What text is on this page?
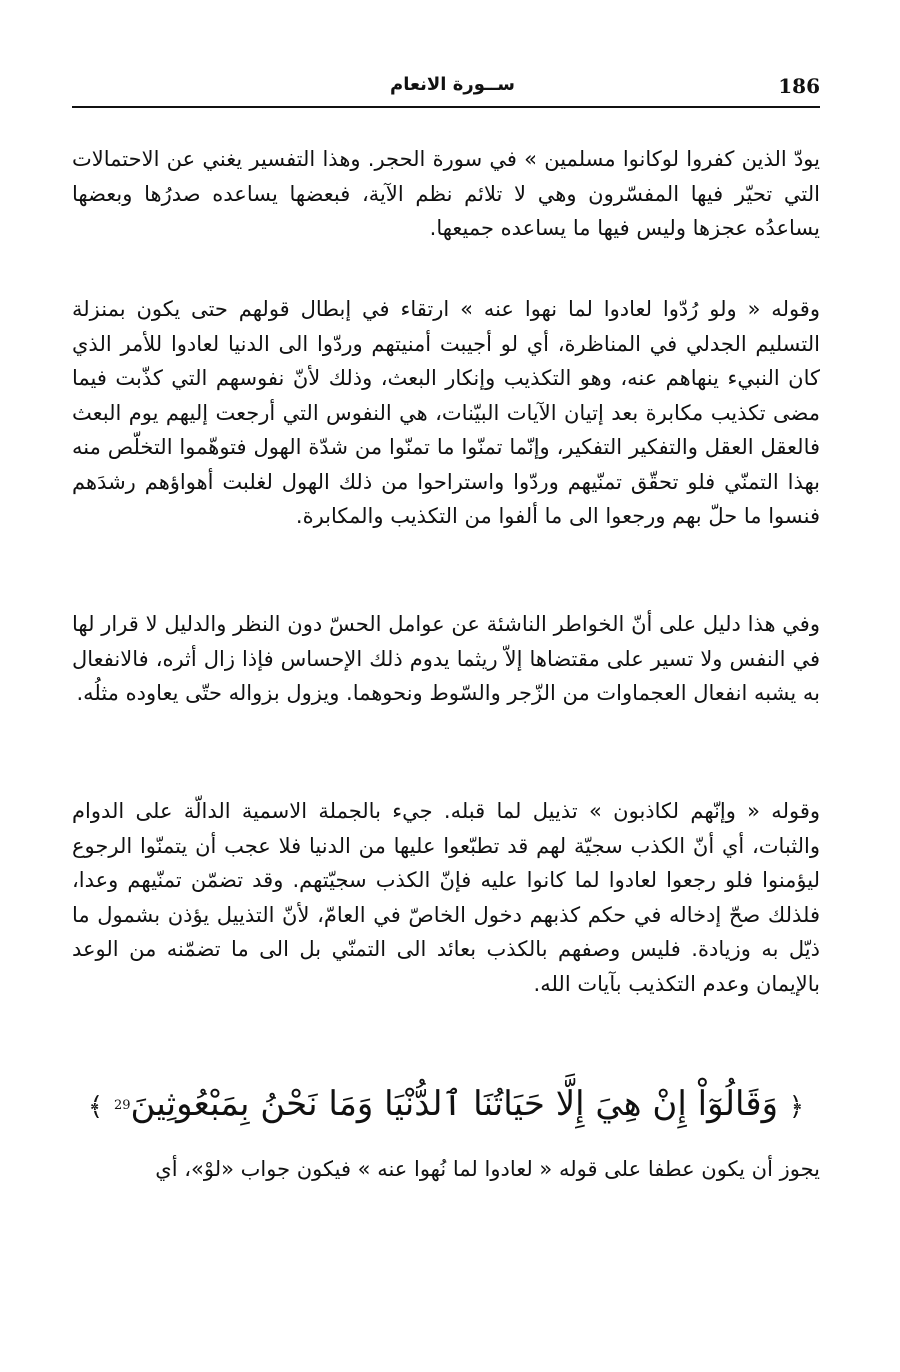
186
ســورة الانعام

يودّ الذين كفروا لوكانوا مسلمين » في سورة الحجر. وهذا التفسير يغني عن الاحتمالات التي تحيّر فيها المفسّرون وهي لا تلائم نظم الآية، فبعضها يساعده صدرُها وبعضها يساعدُه عجزها وليس فيها ما يساعده جميعها.

وقوله « ولو رُدّوا لعادوا لما نهوا عنه » ارتقاء في إبطال قولهم حتى يكون بمنزلة التسليم الجدلي في المناظرة، أي لو أجيبت أمنيتهم وردّوا الى الدنيا لعادوا للأمر الذي كان النبيء ينهاهم عنه، وهو التكذيب وإنكار البعث، وذلك لأنّ نفوسهم التي كذّبت فيما مضى تكذيب مكابرة بعد إتيان الآيات البيّنات، هي النفوس التي أرجعت إليهم يوم البعث فالعقل العقل والتفكير التفكير، وإنّما تمنّوا ما تمنّوا من شدّة الهول فتوهّموا التخلّص منه بهذا التمنّي فلو تحقّق تمنّيهم وردّوا واستراحوا من ذلك الهول لغلبت أهواؤهم رشدَهم فنسوا ما حلّ بهم ورجعوا الى ما ألفوا من التكذيب والمكابرة.

وفي هذا دليل على أنّ الخواطر الناشئة عن عوامل الحسّ دون النظر والدليل لا قرار لها في النفس ولا تسير على مقتضاها إلاّ ريثما يدوم ذلك الإحساس فإذا زال أثره، فالانفعال به يشبه انفعال العجماوات من الزّجر والسّوط ونحوهما. ويزول بزواله حتّى يعاوده مثلُه.

وقوله « وإنّهم لكاذبون » تذييل لما قبله. جيء بالجملة الاسمية الدالّة على الدوام والثبات، أي أنّ الكذب سجيّة لهم قد تطبّعوا عليها من الدنيا فلا عجب أن يتمنّوا الرجوع ليؤمنوا فلو رجعوا لعادوا لما كانوا عليه فإنّ الكذب سجيّتهم. وقد تضمّن تمنّيهم وعدا، فلذلك صحّ إدخاله في حكم كذبهم دخول الخاصّ في العامّ، لأنّ التذييل يؤذن بشمول ما ذيّل به وزيادة. فليس وصفهم بالكذب بعائد الى التمنّي بل الى ما تضمّنه من الوعد بالإيمان وعدم التكذيب بآيات الله.

﴿ وَقَالُوٓاْ إِنْ هِيَ إِلَّا حَيَاتُنَا ٱلدُّنْيَا وَمَا نَحْنُ بِمَبْعُوثِينَ29 ﴾

يجوز أن يكون عطفا على قوله « لعادوا لما نُهوا عنه » فيكون جواب «لوْ»، أي
